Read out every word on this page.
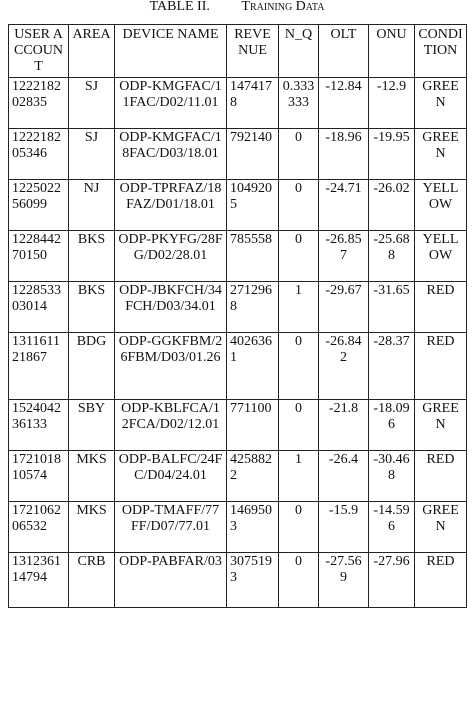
TABLE II. Training Data
USER ACCOUNT	AREA	DEVICE NAME	REVENUE	N_Q	OLT	ONU	CONDITION
122218202835	SJ	ODP-KMGFAC/11FAC/D02/11.01	1474178	0.333333	-12.84	-12.9	GREEN
122218205346	SJ	ODP-KMGFAC/18FAC/D03/18.01	792140	0	-18.96	-19.95	GREEN
122502256099	NJ	ODP-TPRFAZ/18FAZ/D01/18.01	1049205	0	-24.71	-26.02	YELLOW
122844270150	BKS	ODP-PKYFG/28FG/D02/28.01	785558	0	-26.857	-25.688	YELLOW
122853303014	BKS	ODP-JBKFCH/34FCH/D03/34.01	2712968	1	-29.67	-31.65	RED
131161121867	BDG	ODP-GGKFBM/26FBM/D03/01.26	4026361	0	-26.842	-28.37	RED
152404236133	SBY	ODP-KBLFCA/12FCA/D02/12.01	771100	0	-21.8	-18.096	GREEN
172101810574	MKS	ODP-BALFC/24FC/D04/24.01	4258822	1	-26.4	-30.468	RED
172106206532	MKS	ODP-TMAFF/77FF/D07/77.01	1469503	0	-15.9	-14.596	GREEN
131236114794	CRB	ODP-PABFAR/03	3075193	0	-27.569	-27.96	RED
